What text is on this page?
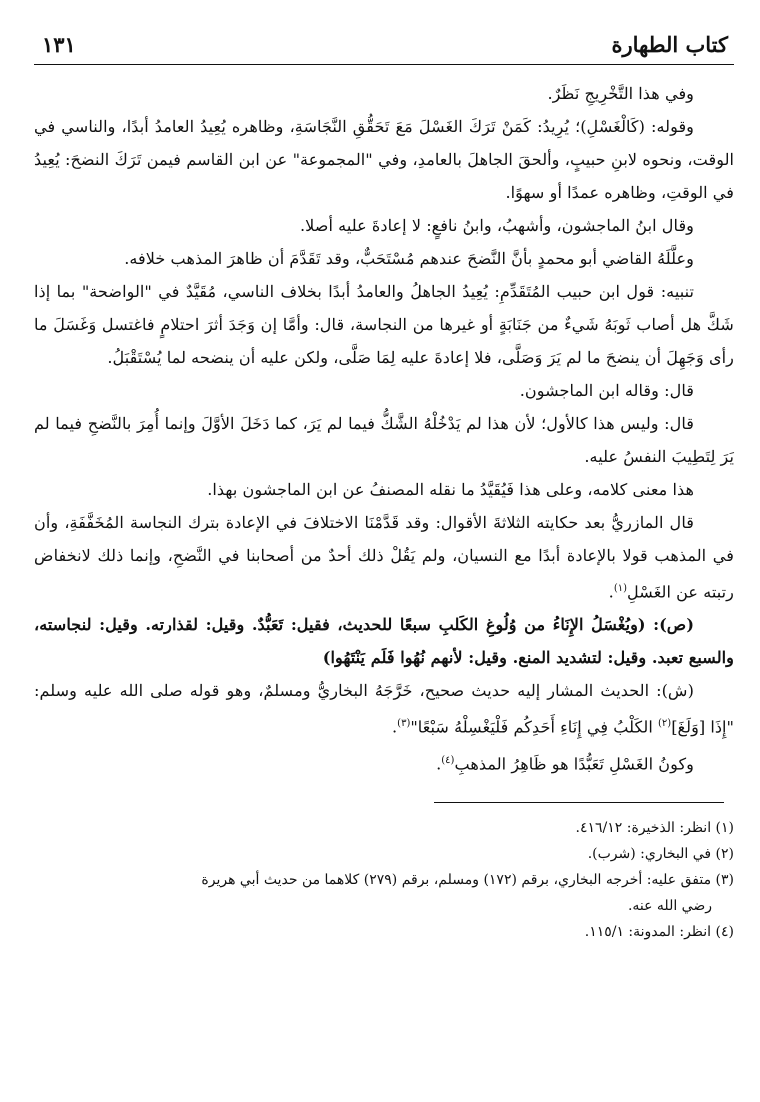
كتاب الطهارة
١٣١

وفي هذا التَّخْرِيجِ نَظَرٌ.

وقوله: (كَالْغَسْلِ)؛ يُرِيدُ: كَمَنْ تَرَكَ الغَسْلَ مَعَ تَحَقُّقِ النَّجَاسَةِ، وظاهره يُعِيدُ العامدُ أبدًا، والناسي في الوقت، ونحوه لابنِ حبيبٍ، وألحقَ الجاهلَ بالعامدِ، وفي "المجموعة" عن ابن القاسم فيمن تَرَكَ النضحَ: يُعِيدُ في الوقتِ، وظاهره عمدًا أو سهوًا.

وقال ابنُ الماجشون، وأشهبُ، وابنُ نافعٍ: لا إعادةَ عليه أصلا.

وعلَّلَهُ القاضي أبو محمدٍ بأنَّ النَّضحَ عندهم مُسْتَحَبٌّ، وقد تَقَدَّمَ أن ظاهرَ المذهب خلافه.

تنبيه: قول ابن حبيب المُتَقَدِّمِ: يُعِيدُ الجاهلُ والعامدُ أبدًا بخلاف الناسي، مُقَيَّدٌ في "الواضحة" بما إذا شَكَّ هل أصاب ثَوبَهُ شَيءٌ من جَنَابَةٍ أو غيرها من النجاسة، قال: وأمَّا إن وَجَدَ أثرَ احتلامٍ فاغتسل وَغَسَلَ ما رأى وَجَهِلَ أن ينضحَ ما لم يَرَ وَصَلَّى، فلا إعادةَ عليه لِمَا صَلَّى، ولكن عليه أن ينضحه لما يُسْتَقْبَلُ.

قال: وقاله ابن الماجشون.

قال: وليس هذا كالأول؛ لأن هذا لم يَدْخُلْهُ الشَّكُّ فيما لم يَرَ، كما دَخَلَ الأوَّلَ وإنما أُمِرَ بالنَّضحِ فيما لم يَرَ لِتَطِيبَ النفسُ عليه.

هذا معنى كلامه، وعلى هذا فَيُقَيَّدُ ما نقله المصنفُ عن ابن الماجشون بهذا.

قال المازريُّ بعد حكايته الثلاثةَ الأقوال: وقد قَدَّمْنَا الاختلافَ في الإعادة بترك النجاسة المُخَفَّفَةِ، وأن في المذهب قولا بالإعادة أبدًا مع النسيان، ولم يَقُلْ ذلك أحدٌ من أصحابنا في النَّضحِ، وإنما ذلك لانخفاض رتبته عن الغَسْلِ$^{(١)}$.

(ص): (ويُغْسَلُ الإِنَاءُ من وُلُوغِ الكَلبِ سبعًا للحديث، فقيل: تَعَبُّدٌ. وقيل: لقذارته. وقيل: لنجاسته، والسبع تعبد. وقيل: لتشديد المنع. وقيل: لأنهم نُهُوا فَلَم يَنْتَهُوا)

(ش): الحديث المشار إليه حديث صحيح، خَرَّجَهُ البخاريُّ ومسلمٌ، وهو قوله صلى الله عليه وسلم: "إِذَا [وَلَغَ]$^{(٢)}$ الكَلْبُ فِي إِنَاءِ أَحَدِكُم فَلْيَغْسِلْهُ سَبْعًا"$^{(٣)}$.

وكونُ الغَسْلِ تَعَبُّدًا هو ظَاهِرُ المذهبِ$^{(٤)}$.

(١) انظر: الذخيرة: ٤١٦/١٢.

(٢) في البخاري: (شرب).

(٣) متفق عليه: أخرجه البخاري، برقم (١٧٢) ومسلم، برقم (٢٧٩) كلاهما من حديث أبي هريرة

رضي الله عنه.

(٤) انظر: المدونة: ١١٥/١.
